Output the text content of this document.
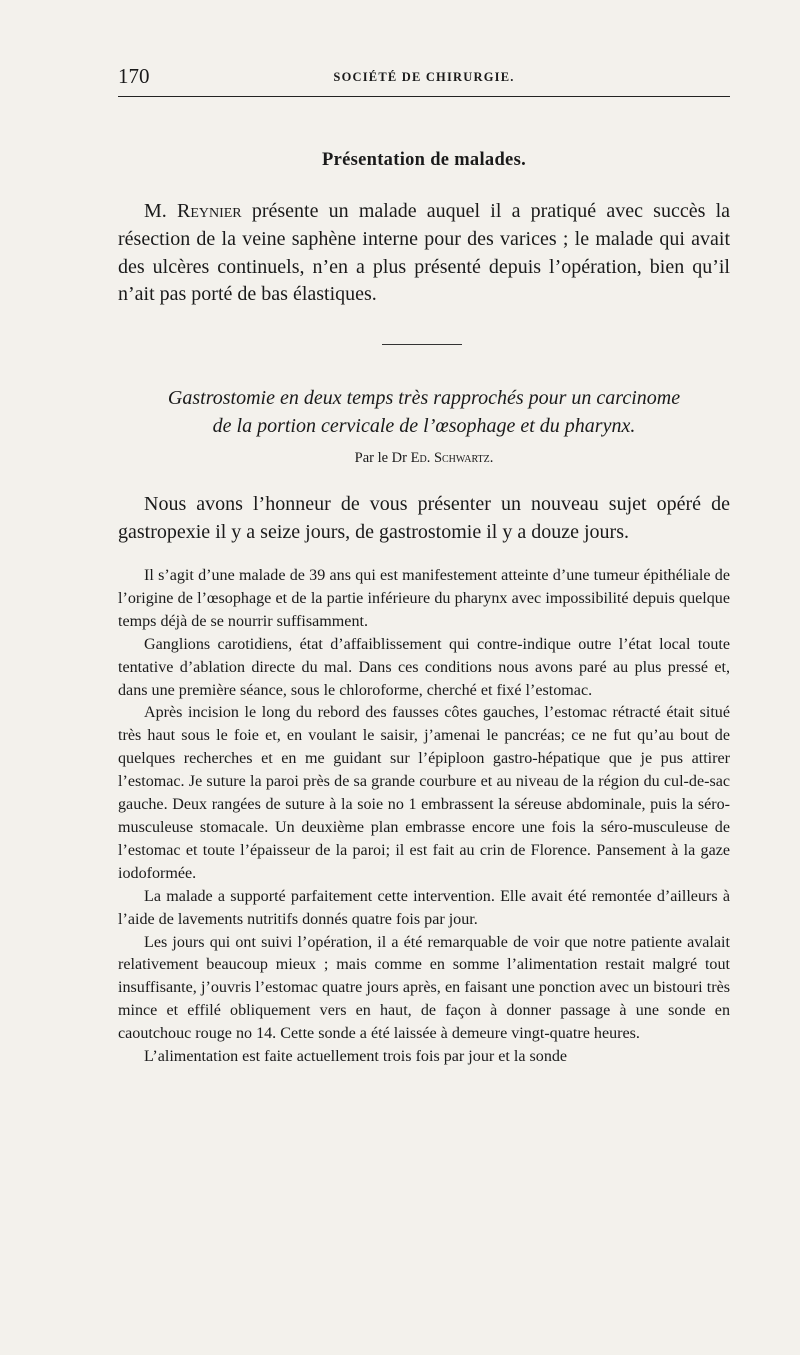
170	SOCIÉTÉ DE CHIRURGIE.
Présentation de malades.

M. Reynier présente un malade auquel il a pratiqué avec succès la résection de la veine saphène interne pour des varices ; le malade qui avait des ulcères continuels, n’en a plus présenté depuis l’opération, bien qu’il n’ait pas porté de bas élastiques.

Gastrostomie en deux temps très rapprochés pour un carcinome
de la portion cervicale de l’œsophage et du pharynx.
Par le Dr Ed. Schwartz.

Nous avons l’honneur de vous présenter un nouveau sujet opéré de gastropexie il y a seize jours, de gastrostomie il y a douze jours.

Il s’agit d’une malade de 39 ans qui est manifestement atteinte d’une tumeur épithéliale de l’origine de l’œsophage et de la partie inférieure du pharynx avec impossibilité depuis quelque temps déjà de se nourrir suffisamment.

Ganglions carotidiens, état d’affaiblissement qui contre-indique outre l’état local toute tentative d’ablation directe du mal. Dans ces conditions nous avons paré au plus pressé et, dans une première séance, sous le chloroforme, cherché et fixé l’estomac.

Après incision le long du rebord des fausses côtes gauches, l’estomac rétracté était situé très haut sous le foie et, en voulant le saisir, j’amenai le pancréas; ce ne fut qu’au bout de quelques recherches et en me guidant sur l’épiploon gastro-hépatique que je pus attirer l’estomac. Je suture la paroi près de sa grande courbure et au niveau de la région du cul-de-sac gauche. Deux rangées de suture à la soie no 1 embrassent la séreuse abdominale, puis la séro-musculeuse stomacale. Un deuxième plan embrasse encore une fois la séro-musculeuse de l’estomac et toute l’épaisseur de la paroi; il est fait au crin de Florence. Pansement à la gaze iodoformée.

La malade a supporté parfaitement cette intervention. Elle avait été remontée d’ailleurs à l’aide de lavements nutritifs donnés quatre fois par jour.

Les jours qui ont suivi l’opération, il a été remarquable de voir que notre patiente avalait relativement beaucoup mieux ; mais comme en somme l’alimentation restait malgré tout insuffisante, j’ouvris l’estomac quatre jours après, en faisant une ponction avec un bistouri très mince et effilé obliquement vers en haut, de façon à donner passage à une sonde en caoutchouc rouge no 14. Cette sonde a été laissée à demeure vingt-quatre heures.

L’alimentation est faite actuellement trois fois par jour et la sonde
